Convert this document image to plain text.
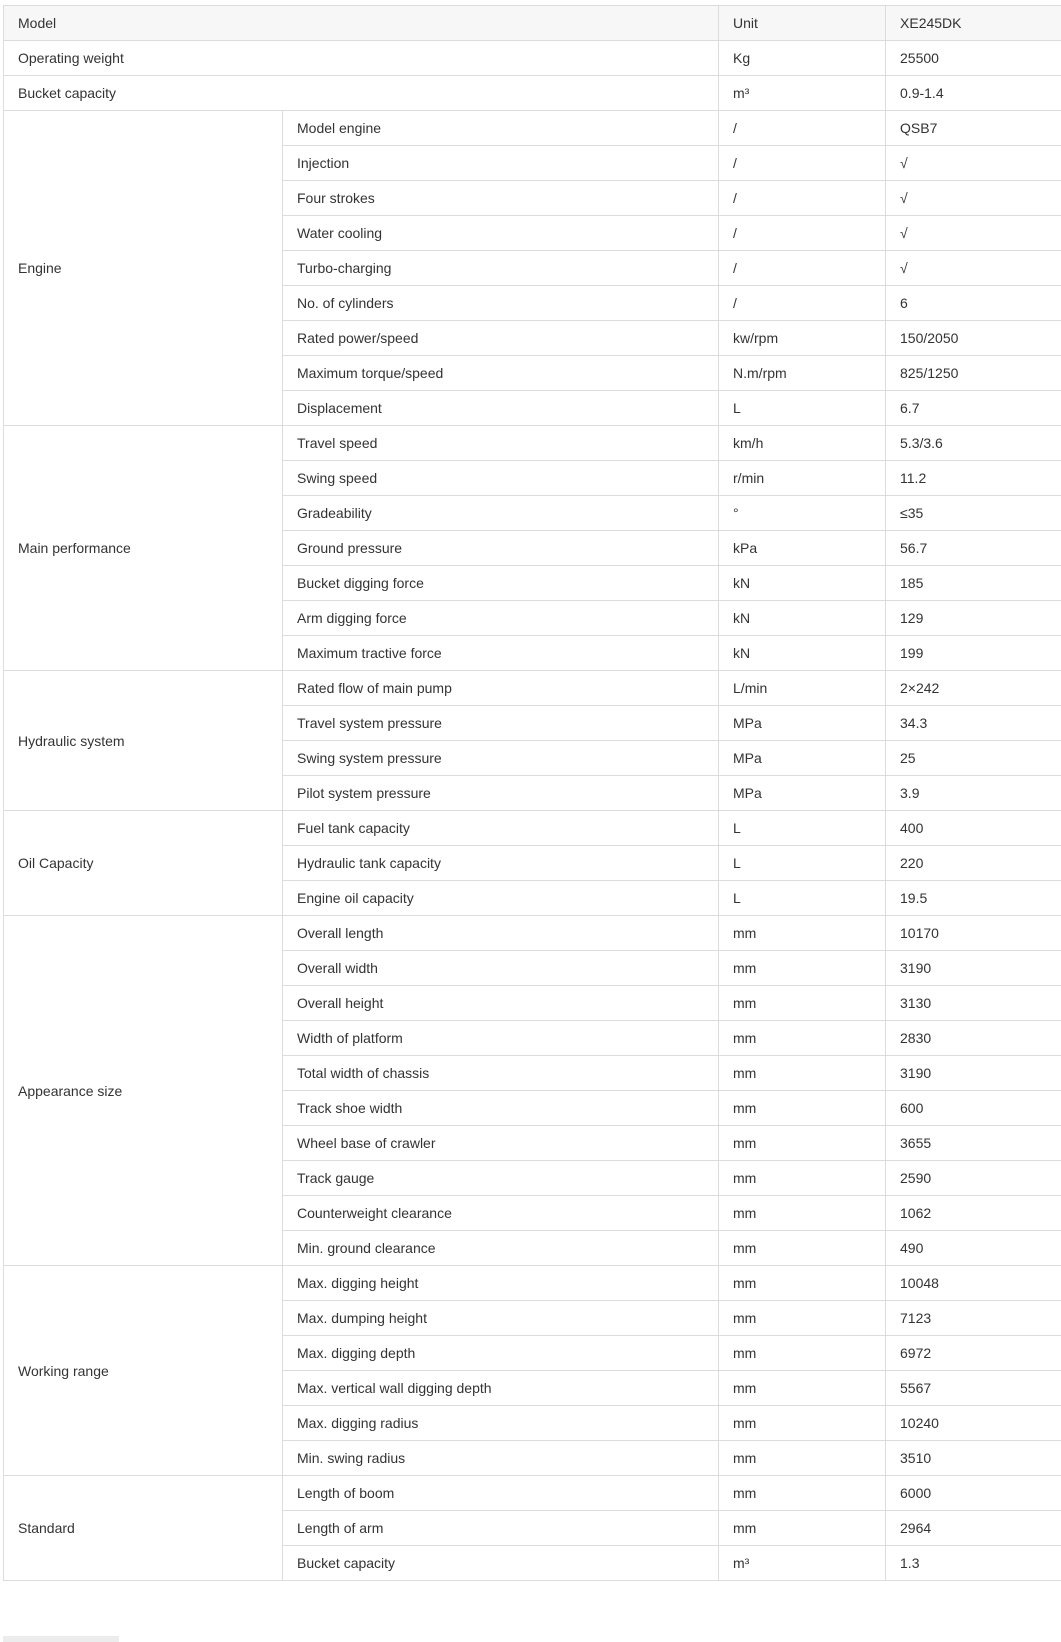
Model		Unit	XE245DK
Operating weight		Kg	25500
Bucket capacity		m³	0.9-1.4
Engine	Model engine	/	QSB7
	Injection	/	√
	Four strokes	/	√
	Water cooling	/	√
	Turbo-charging	/	√
	No. of cylinders	/	6
	Rated power/speed	kw/rpm	150/2050
	Maximum torque/speed	N.m/rpm	825/1250
	Displacement	L	6.7
Main performance	Travel speed	km/h	5.3/3.6
	Swing speed	r/min	11.2
	Gradeability	°	≤35
	Ground pressure	kPa	56.7
	Bucket digging force	kN	185
	Arm digging force	kN	129
	Maximum tractive force	kN	199
Hydraulic system	Rated flow of main pump	L/min	2×242
	Travel system pressure	MPa	34.3
	Swing system pressure	MPa	25
	Pilot system pressure	MPa	3.9
Oil Capacity	Fuel tank capacity	L	400
	Hydraulic tank capacity	L	220
	Engine oil capacity	L	19.5
Appearance size	Overall length	mm	10170
	Overall width	mm	3190
	Overall height	mm	3130
	Width of platform	mm	2830
	Total width of chassis	mm	3190
	Track shoe width	mm	600
	Wheel base of crawler	mm	3655
	Track gauge	mm	2590
	Counterweight clearance	mm	1062
	Min. ground clearance	mm	490
Working range	Max. digging height	mm	10048
	Max. dumping height	mm	7123
	Max. digging depth	mm	6972
	Max. vertical wall digging depth	mm	5567
	Max. digging radius	mm	10240
	Min. swing radius	mm	3510
Standard	Length of boom	mm	6000
	Length of arm	mm	2964
	Bucket capacity	m³	1.3
